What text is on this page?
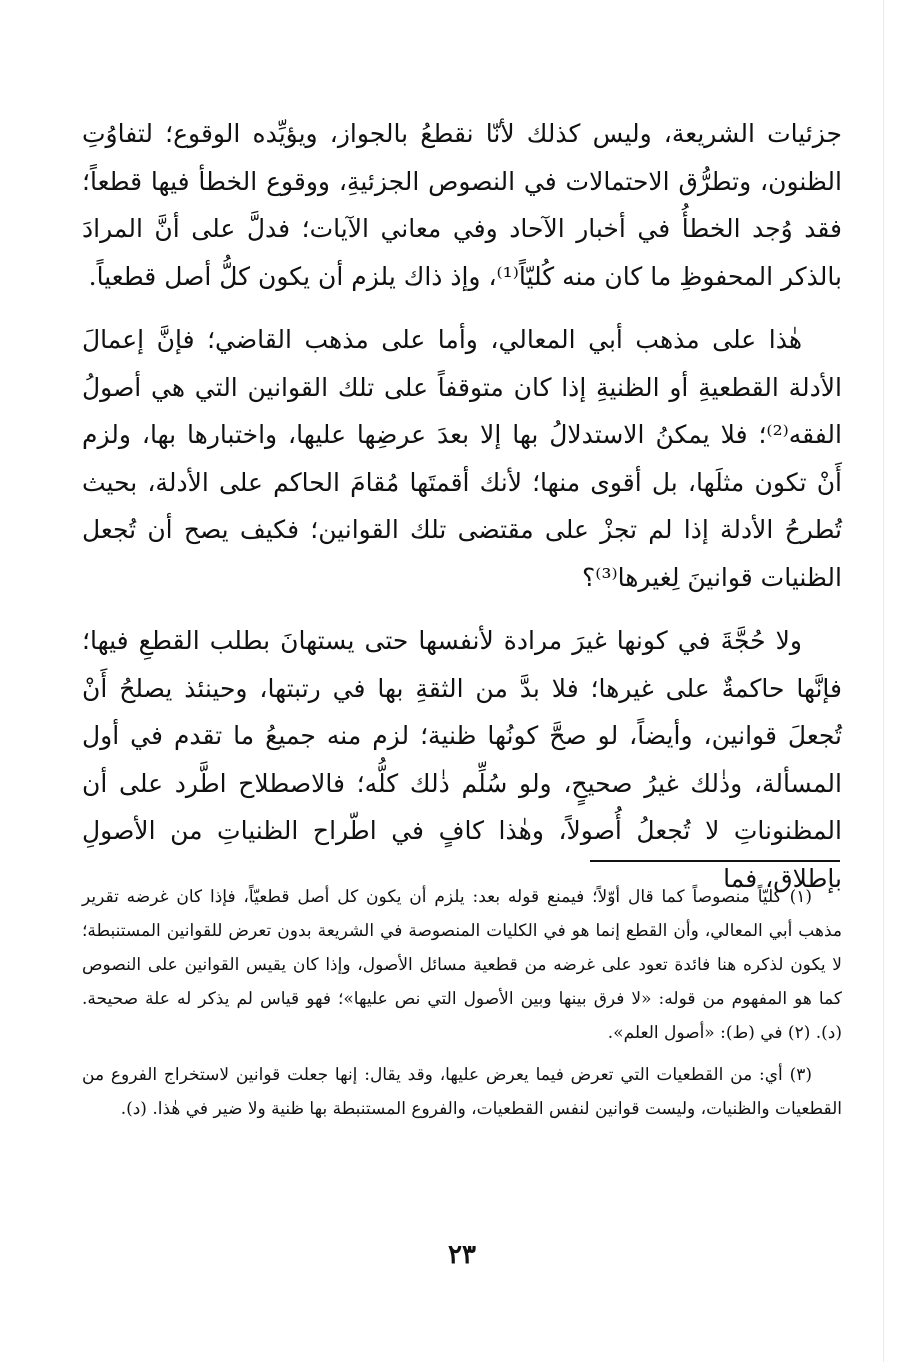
جزئيات الشريعة، وليس كذلك لأنّا نقطعُ بالجواز، ويؤيِّده الوقوع؛ لتفاوُتِ الظنون، وتطرُّق الاحتمالات في النصوص الجزئيةِ، ووقوع الخطأ فيها قطعاً؛ فقد وُجد الخطأُ في أخبار الآحاد وفي معاني الآيات؛ فدلَّ على أنَّ المرادَ بالذكر المحفوظِ ما كان منه كُليّاً⁽¹⁾، وإذ ذاك يلزم أن يكون كلُّ أصل قطعياً.

هٰذا على مذهب أبي المعالي، وأما على مذهب القاضي؛ فإنَّ إعمالَ الأدلة القطعيةِ أو الظنيةِ إذا كان متوقفاً على تلك القوانين التي هي أصولُ الفقه⁽²⁾؛ فلا يمكنُ الاستدلالُ بها إلا بعدَ عرضِها عليها، واختبارها بها، ولزم أَنْ تكون مثلَها، بل أقوى منها؛ لأنك أقمتَها مُقامَ الحاكم على الأدلة، بحيث تُطرحُ الأدلة إذا لم تجزْ على مقتضى تلك القوانين؛ فكيف يصح أن تُجعل الظنيات قوانينَ لِغيرها⁽³⁾؟

ولا حُجَّةَ في كونها غيرَ مرادة لأنفسها حتى يستهانَ بطلب القطعِ فيها؛ فإنَّها حاكمةٌ على غيرها؛ فلا بدَّ من الثقةِ بها في رتبتها، وحينئذ يصلحُ أَنْ تُجعلَ قوانين، وأيضاً، لو صحَّ كونُها ظنية؛ لزم منه جميعُ ما تقدم في أول المسألة، وذٰلك غيرُ صحيحٍ، ولو سُلِّم ذٰلك كلُّه؛ فالاصطلاح اطَّرد على أن المظنوناتِ لا تُجعلُ أُصولاً، وهٰذا كافٍ في اطّراح الظنياتِ من الأصولِ بإطلاق، فما

(١) كليّاً منصوصاً كما قال أوّلاً؛ فيمنع قوله بعد: يلزم أن يكون كل أصل قطعيّاً، فإذا كان غرضه تقرير مذهب أبي المعالي، وأن القطع إنما هو في الكليات المنصوصة في الشريعة بدون تعرض للقوانين المستنبطة؛ لا يكون لذكره هنا فائدة تعود على غرضه من قطعية مسائل الأصول، وإذا كان يقيس القوانين على النصوص كما هو المفهوم من قوله: «لا فرق بينها وبين الأصول التي نص عليها»؛ فهو قياس لم يذكر له علة صحيحة. (د). (٢) في (ط): «أصول العلم».

(٣) أي: من القطعيات التي تعرض فيما يعرض عليها، وقد يقال: إنها جعلت قوانين لاستخراج الفروع من القطعيات والظنيات، وليست قوانين لنفس القطعيات، والفروع المستنبطة بها ظنية ولا ضير في هٰذا. (د).

٢٣
